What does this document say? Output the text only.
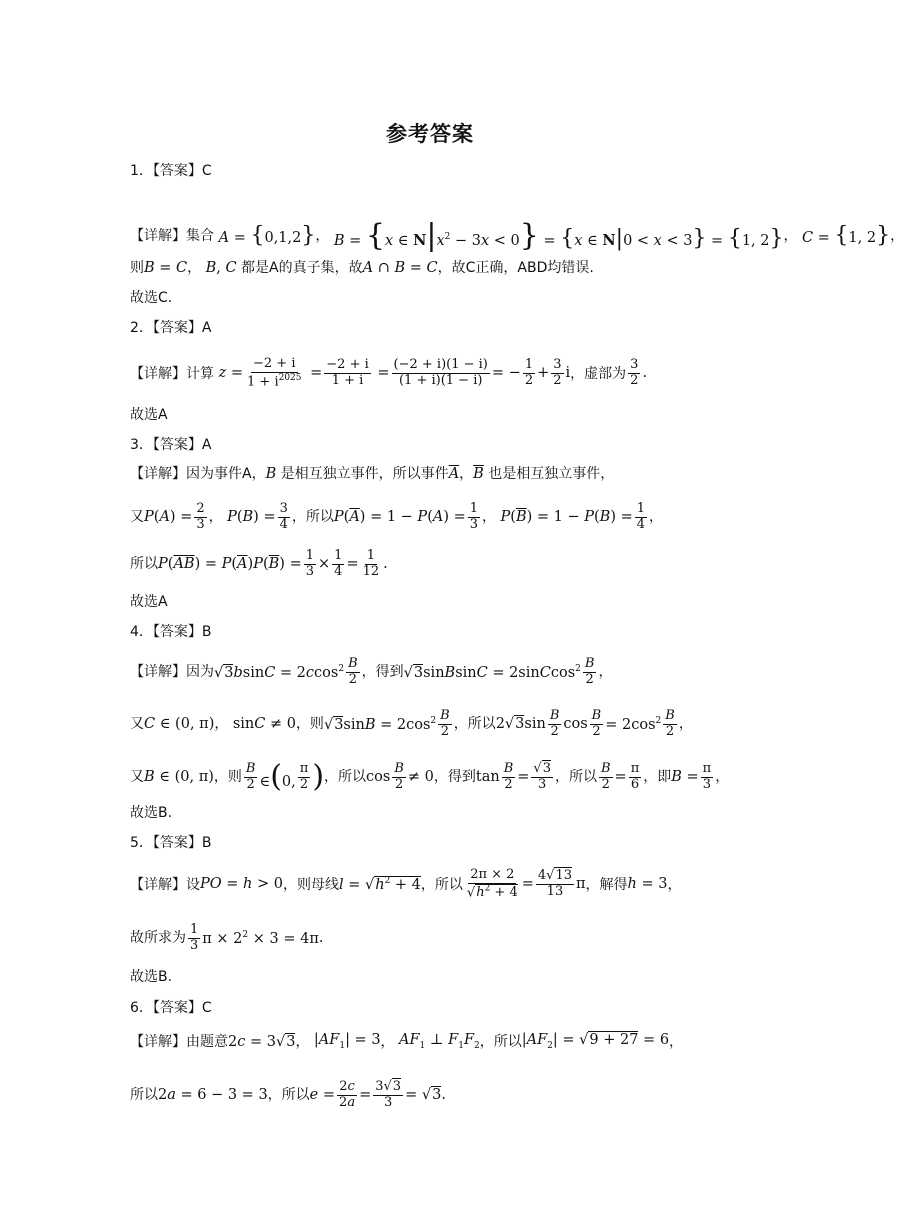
参考答案
1．【答案】C
【详解】集合 A = {0,1,2} ， B = {x ∈ $N|x^2 - 3x < 0\} = \{x$ ∈ N|0 < x < 3} = {1, 2} ， C = {1, 2} ，
则 B = C ， B, C 都是A的真子集，故 A ∩ B = C ，故C正确，ABD均错误.
故选C.
2．【答案】A
【详解】计算 $z = \frac{-2 + i}{1 + i^{2025}} = \frac{-2 + i}{1 + i} = \frac{(-2 + i)(1 - i)}{(1 + i)(1 - i)}$ = − $\frac{1}{2} + \frac{3}{2}$ i ，虚部为
3
2 .
故选A
3．【答案】A
【详解】因为事件A， B 是相互独立事件，所以事件 $\overline{A}$ ， $\overline{B}$ 也是相互独立事件，
又 $P(A) = \frac{2}{3}$ ， $P(B) = \frac{3}{4}$ ，所以 $P(\overline{A}) = 1 - P(A) = \frac{1}{3}$ ， $P(\overline{B}) = 1 - P(B) = \frac{1}{4}$ ，
所以 $P(AB) = P(\overline{A})P(\overline{B}) = \frac{1}{3} \times \frac{1}{4} = \frac{1}{12}$ .
故选A
4．【答案】B
【详解】因为 √3bsinC = 2ccos$^2$ B
2 ，得到 √3sinBsinC = 2sinCcos$^2$ B
2 ，
又 C ∈ (0, π) ， sinC ≠ 0 ，则 $√3\sin B = 2\cos^2$ B
2 ，所以 2√3sin
B
2 $\cos \frac{B}{2} = 2\cos^2$ B
2 ，
又 B ∈ (0, π) ，则
B
2 ∈(0,
π
2 ) ，所以 cos
B
2 ≠ 0 ，得到 $\tan \frac{B}{2} = \frac{√3}{3}$ ，所以 $\frac{B}{2} = \frac{\pi}{6}$ ，即 $B = \frac{\pi}{3}$ ，
故选B.
5．【答案】B
【详解】设 PO = h > 0 ，则母线 $l = √h^2 + 4$ ，所以 $\frac{2\pi \times 2}{√h^2 + 4} = \frac{4√13}{13}$ π ，解得 h = 3 ，
故所求为
1
3 $\pi \times 2^2 \times 3 = 4\pi$ .
故选B.
6．【答案】C
【详解】由题意 2c = 3√3 ， $|AF_1| = 3$ ， $AF_1$ ⊥ $F_1F_2$ ，所以 $|AF_2| = √9 + 27 = 6$ ，
所以 2a = 6 − 3 = 3 ，所以 $e = \frac{2c}{2a} = \frac{3√3}{3} = √3$ .
